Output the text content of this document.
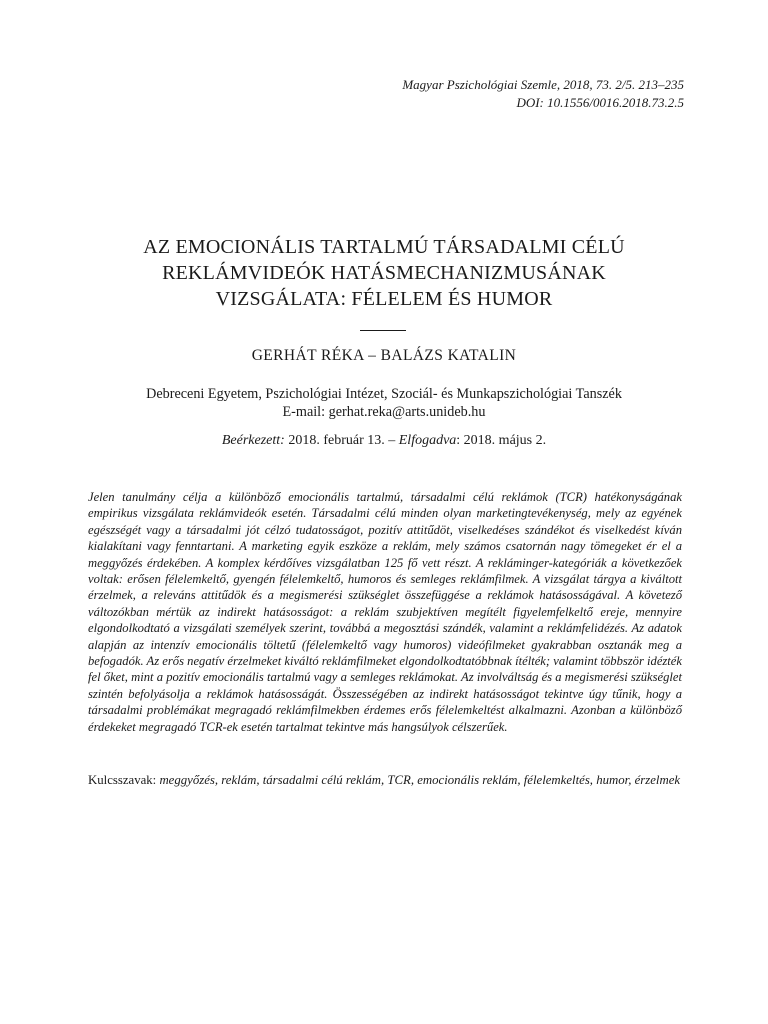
Magyar Pszichológiai Szemle, 2018, 73. 2/5. 213–235
DOI: 10.1556/0016.2018.73.2.5
AZ EMOCIONÁLIS TARTALMÚ TÁRSADALMI CÉLÚ
REKLÁMVIDEÓK HATÁSMECHANIZMUSÁNAK
VIZSGÁLATA: FÉLELEM ÉS HUMOR
GERHÁT RÉKA – BALÁZS KATALIN
Debreceni Egyetem, Pszichológiai Intézet, Szociál- és Munkapszichológiai Tanszék
E-mail: gerhat.reka@arts.unideb.hu
Beérkezett: 2018. február 13. – Elfogadva: 2018. május 2.
Jelen tanulmány célja a különböző emocionális tartalmú, társadalmi célú reklámok (TCR) hatékonyságának empirikus vizsgálata reklámvideók esetén. Társadalmi célú minden olyan marketingtevékenység, mely az egyének egészségét vagy a társadalmi jót célzó tudatosságot, pozitív attitűdöt, viselkedéses szándékot és viselkedést kíván kialakítani vagy fenntartani. A marketing egyik eszköze a reklám, mely számos csatornán nagy tömegeket ér el a meggyőzés érdekében. A komplex kérdőíves vizsgálatban 125 fő vett részt. A rekláminger-kategóriák a következőek voltak: erősen félelemkeltő, gyengén félelemkeltő, humoros és semleges reklámfilmek. A vizsgálat tárgya a kiváltott érzelmek, a releváns attitűdök és a megismerési szükséglet összefüggése a reklámok hatásosságával. A követező változókban mértük az indirekt hatásosságot: a reklám szubjektíven megítélt figyelemfelkeltő ereje, mennyire elgondolkodtató a vizsgálati személyek szerint, továbbá a megosztási szándék, valamint a reklámfelidézés. Az adatok alapján az intenzív emocionális töltetű (félelemkeltő vagy humoros) videófilmeket gyakrabban osztanák meg a befogadók. Az erős negatív érzelmeket kiváltó reklámfilmeket elgondolkodtatóbbnak ítélték; valamint többször idézték fel őket, mint a pozitív emocionális tartalmú vagy a semleges reklámokat. Az involváltság és a megismerési szükséglet szintén befolyásolja a reklámok hatásosságát. Összességében az indirekt hatásosságot tekintve úgy tűnik, hogy a társadalmi problémákat megragadó reklámfilmekben érdemes erős félelemkeltést alkalmazni. Azonban a különböző érdekeket megragadó TCR-ek esetén tartalmat tekintve más hangsúlyok célszerűek.
Kulcsszavak: meggyőzés, reklám, társadalmi célú reklám, TCR, emocionális reklám, félelemkeltés, humor, érzelmek
